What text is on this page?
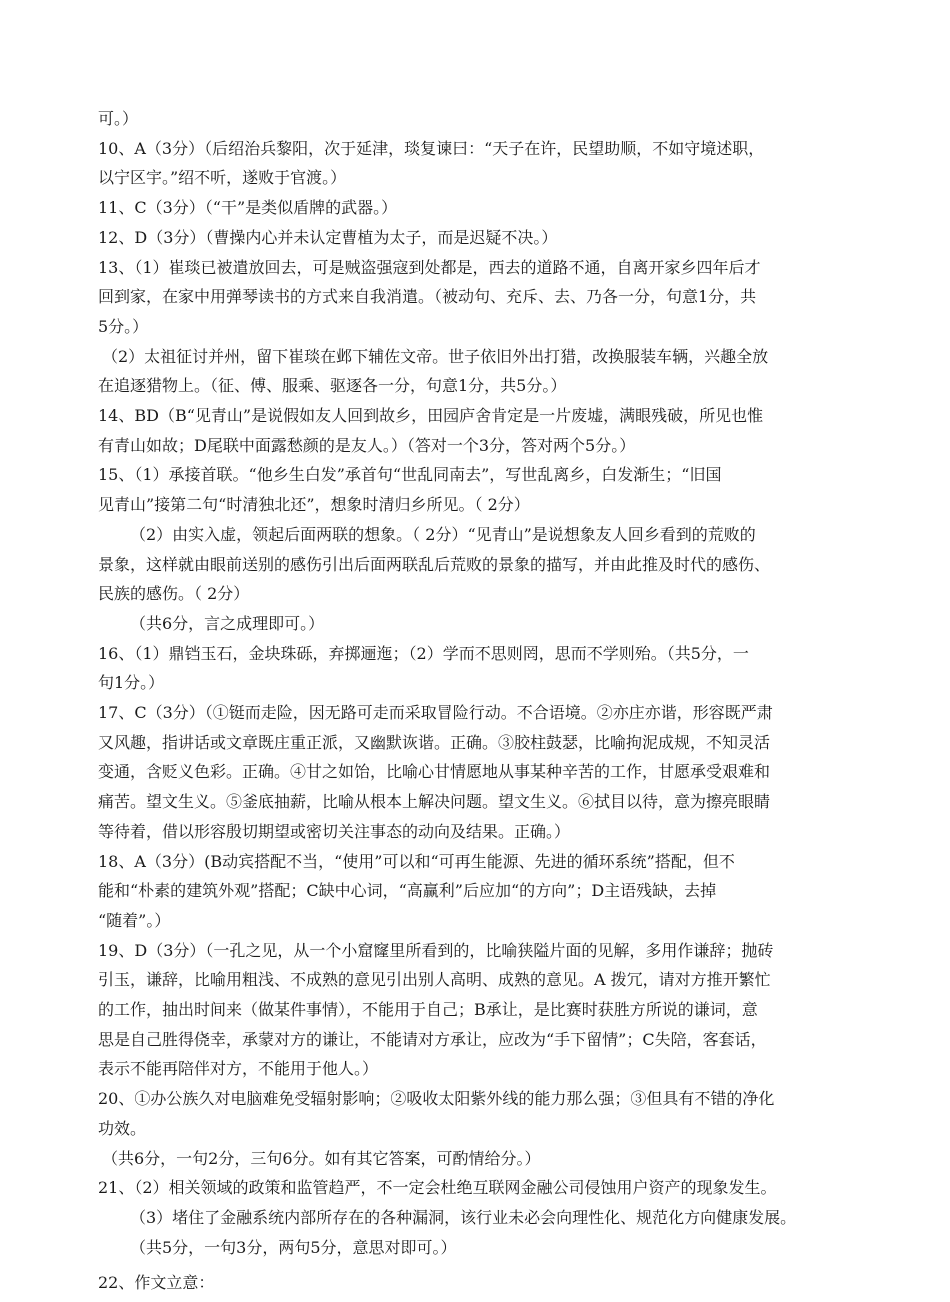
可。）
10、A（3分）（后绍治兵黎阳，次于延津，琰复谏曰：“天子在许，民望助顺，不如守境述职，
以宁区宇。”绍不听，遂败于官渡。）
11、C（3分）（“干”是类似盾牌的武器。）
12、D（3分）（曹操内心并未认定曹植为太子，而是迟疑不决。）
13、（1）崔琰已被遣放回去，可是贼盗强寇到处都是，西去的道路不通，自离开家乡四年后才
回到家，在家中用弹琴读书的方式来自我消遣。（被动句、充斥、去、乃各一分，句意1分，共
5分。）
（2）太祖征讨并州，留下崔琰在邺下辅佐文帝。世子依旧外出打猎，改换服装车辆，兴趣全放
在追逐猎物上。（征、傅、服乘、驱逐各一分，句意1分，共5分。）
14、BD（B“见青山”是说假如友人回到故乡，田园庐舍肯定是一片废墟，满眼残破，所见也惟
有青山如故；D尾联中面露愁颜的是友人。）（答对一个3分，答对两个5分。）
15、（1）承接首联。“他乡生白发”承首句“世乱同南去”，写世乱离乡，白发渐生；“旧国
见青山”接第二句“时清独北还”，想象时清归乡所见。（ 2分）
（2）由实入虚，领起后面两联的想象。（ 2分）“见青山”是说想象友人回乡看到的荒败的
景象，这样就由眼前送别的感伤引出后面两联乱后荒败的景象的描写，并由此推及时代的感伤、
民族的感伤。（ 2分）
（共6分，言之成理即可。）
16、（1）鼎铛玉石，金块珠砾，弃掷逦迤；（2）学而不思则罔，思而不学则殆。（共5分，一
句1分。）
17、C（3分）（①铤而走险，因无路可走而采取冒险行动。不合语境。②亦庄亦谐，形容既严肃
又风趣，指讲话或文章既庄重正派，又幽默诙谐。正确。③胶柱鼓瑟，比喻拘泥成规，不知灵活
变通，含贬义色彩。正确。④甘之如饴，比喻心甘情愿地从事某种辛苦的工作，甘愿承受艰难和
痛苦。望文生义。⑤釜底抽薪，比喻从根本上解决问题。望文生义。⑥拭目以待，意为擦亮眼睛
等待着，借以形容殷切期望或密切关注事态的动向及结果。正确。）
18、A（3分）(B动宾搭配不当，“使用”可以和“可再生能源、先进的循环系统”搭配，但不
能和“朴素的建筑外观”搭配；C缺中心词，“高赢利”后应加“的方向”；D主语残缺，去掉
“随着”。）
19、D（3分）（一孔之见，从一个小窟窿里所看到的，比喻狭隘片面的见解，多用作谦辞；抛砖
引玉，谦辞，比喻用粗浅、不成熟的意见引出别人高明、成熟的意见。A 拨冗，请对方推开繁忙
的工作，抽出时间来（做某件事情），不能用于自己；B承让，是比赛时获胜方所说的谦词，意
思是自己胜得侥幸，承蒙对方的谦让，不能请对方承让，应改为“手下留情”；C失陪，客套话，
表示不能再陪伴对方，不能用于他人。）
20、①办公族久对电脑难免受辐射影响；②吸收太阳紫外线的能力那么强；③但具有不错的净化
功效。
（共6分，一句2分，三句6分。如有其它答案，可酌情给分。）
21、（2）相关领域的政策和监管趋严，不一定会杜绝互联网金融公司侵蚀用户资产的现象发生。
（3）堵住了金融系统内部所存在的各种漏洞，该行业未必会向理性化、规范化方向健康发展。
（共5分，一句3分，两句5分，意思对即可。）
22、作文立意：
